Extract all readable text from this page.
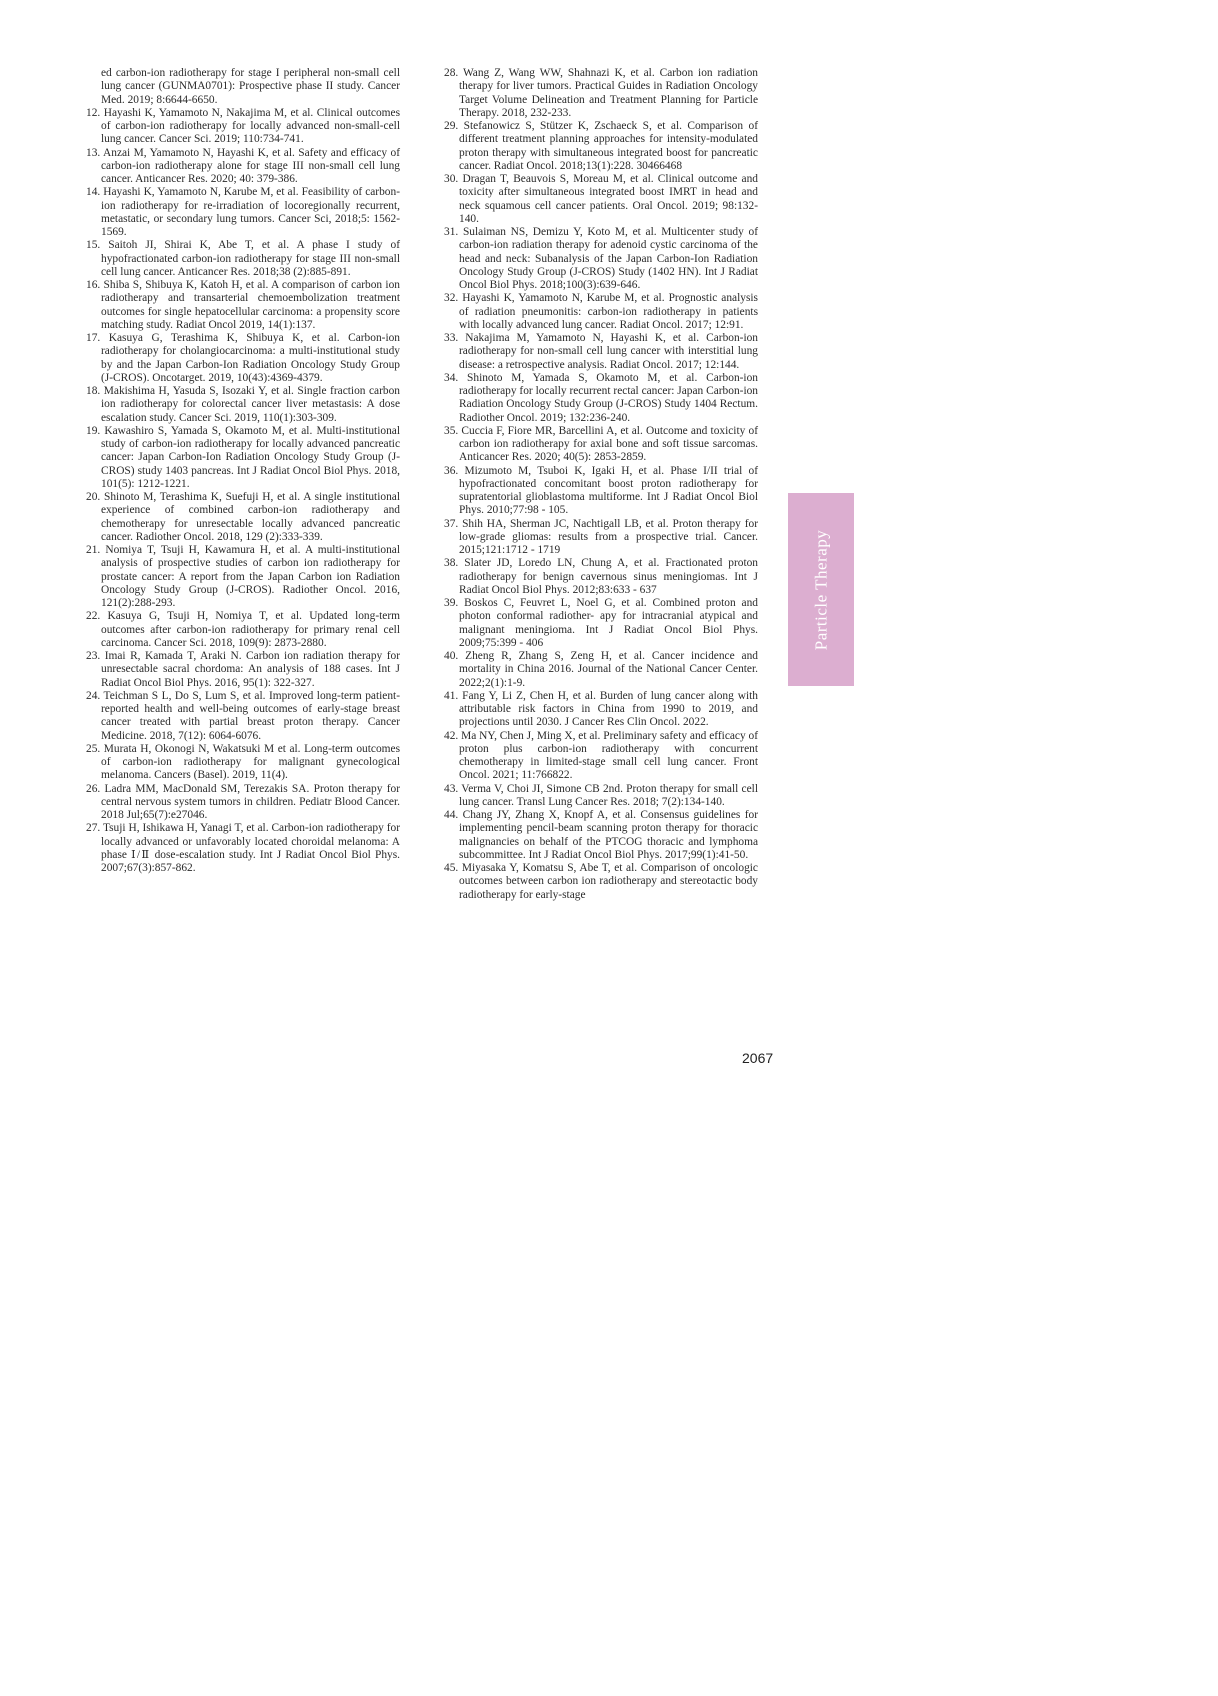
ed carbon-ion radiotherapy for stage I peripheral non-small cell lung cancer (GUNMA0701): Prospective phase II study. Cancer Med. 2019; 8:6644-6650.

12. Hayashi K, Yamamoto N, Nakajima M, et al. Clinical outcomes of carbon-ion radiotherapy for locally advanced non-small-cell lung cancer. Cancer Sci. 2019; 110:734-741.

13. Anzai M, Yamamoto N, Hayashi K, et al. Safety and efficacy of carbon-ion radiotherapy alone for stage III non-small cell lung cancer. Anticancer Res. 2020; 40: 379-386.

14. Hayashi K, Yamamoto N, Karube M, et al. Feasibility of carbon-ion radiotherapy for re-irradiation of locoregionally recurrent, metastatic, or secondary lung tumors. Cancer Sci, 2018;5: 1562-1569.

15. Saitoh JI, Shirai K, Abe T, et al. A phase I study of hypofractionated carbon-ion radiotherapy for stage III non-small cell lung cancer. Anticancer Res. 2018;38 (2):885-891.

16. Shiba S, Shibuya K, Katoh H, et al. A comparison of carbon ion radiotherapy and transarterial chemoembolization treatment outcomes for single hepatocellular carcinoma: a propensity score matching study. Radiat Oncol 2019, 14(1):137.

17. Kasuya G, Terashima K, Shibuya K, et al. Carbon-ion radiotherapy for cholangiocarcinoma: a multi-institutional study by and the Japan Carbon-Ion Radiation Oncology Study Group (J-CROS). Oncotarget. 2019, 10(43):4369-4379.

18. Makishima H, Yasuda S, Isozaki Y, et al. Single fraction carbon ion radiotherapy for colorectal cancer liver metastasis: A dose escalation study. Cancer Sci. 2019, 110(1):303-309.

19. Kawashiro S, Yamada S, Okamoto M, et al. Multi-institutional study of carbon-ion radiotherapy for locally advanced pancreatic cancer: Japan Carbon-Ion Radiation Oncology Study Group (J-CROS) study 1403 pancreas. Int J Radiat Oncol Biol Phys. 2018, 101(5): 1212-1221.

20. Shinoto M, Terashima K, Suefuji H, et al. A single institutional experience of combined carbon-ion radiotherapy and chemotherapy for unresectable locally advanced pancreatic cancer. Radiother Oncol. 2018, 129 (2):333-339.

21. Nomiya T, Tsuji H, Kawamura H, et al. A multi-institutional analysis of prospective studies of carbon ion radiotherapy for prostate cancer: A report from the Japan Carbon ion Radiation Oncology Study Group (J-CROS). Radiother Oncol. 2016, 121(2):288-293.

22. Kasuya G, Tsuji H, Nomiya T, et al. Updated long-term outcomes after carbon-ion radiotherapy for primary renal cell carcinoma. Cancer Sci. 2018, 109(9): 2873-2880.

23. Imai R, Kamada T, Araki N. Carbon ion radiation therapy for unresectable sacral chordoma: An analysis of 188 cases. Int J Radiat Oncol Biol Phys. 2016, 95(1): 322-327.

24. Teichman S L, Do S, Lum S, et al. Improved long-term patient-reported health and well-being outcomes of early-stage breast cancer treated with partial breast proton therapy. Cancer Medicine. 2018, 7(12): 6064-6076.

25. Murata H, Okonogi N, Wakatsuki M et al. Long-term outcomes of carbon-ion radiotherapy for malignant gynecological melanoma. Cancers (Basel). 2019, 11(4).

26. Ladra MM, MacDonald SM, Terezakis SA. Proton therapy for central nervous system tumors in children. Pediatr Blood Cancer. 2018 Jul;65(7):e27046.

27. Tsuji H, Ishikawa H, Yanagi T, et al. Carbon-ion radiotherapy for locally advanced or unfavorably located choroidal melanoma: A phase Ⅰ/Ⅱ dose-escalation study. Int J Radiat Oncol Biol Phys. 2007;67(3):857-862.

28. Wang Z, Wang WW, Shahnazi K, et al. Carbon ion radiation therapy for liver tumors. Practical Guides in Radiation Oncology Target Volume Delineation and Treatment Planning for Particle Therapy. 2018, 232-233.

29. Stefanowicz S, Stützer K, Zschaeck S, et al. Comparison of different treatment planning approaches for intensity-modulated proton therapy with simultaneous integrated boost for pancreatic cancer. Radiat Oncol. 2018;13(1):228. 30466468

30. Dragan T, Beauvois S, Moreau M, et al. Clinical outcome and toxicity after simultaneous integrated boost IMRT in head and neck squamous cell cancer patients. Oral Oncol. 2019; 98:132-140.

31. Sulaiman NS, Demizu Y, Koto M, et al. Multicenter study of carbon-ion radiation therapy for adenoid cystic carcinoma of the head and neck: Subanalysis of the Japan Carbon-Ion Radiation Oncology Study Group (J-CROS) Study (1402 HN). Int J Radiat Oncol Biol Phys. 2018;100(3):639-646.

32. Hayashi K, Yamamoto N, Karube M, et al. Prognostic analysis of radiation pneumonitis: carbon-ion radiotherapy in patients with locally advanced lung cancer. Radiat Oncol. 2017; 12:91.

33. Nakajima M, Yamamoto N, Hayashi K, et al. Carbon-ion radiotherapy for non-small cell lung cancer with interstitial lung disease: a retrospective analysis. Radiat Oncol. 2017; 12:144.

34. Shinoto M, Yamada S, Okamoto M, et al. Carbon-ion radiotherapy for locally recurrent rectal cancer: Japan Carbon-ion Radiation Oncology Study Group (J-CROS) Study 1404 Rectum. Radiother Oncol. 2019; 132:236-240.

35. Cuccia F, Fiore MR, Barcellini A, et al. Outcome and toxicity of carbon ion radiotherapy for axial bone and soft tissue sarcomas. Anticancer Res. 2020; 40(5): 2853-2859.

36. Mizumoto M, Tsuboi K, Igaki H, et al. Phase I/II trial of hypofractionated concomitant boost proton radiotherapy for supratentorial glioblastoma multiforme. Int J Radiat Oncol Biol Phys. 2010;77:98 - 105.

37. Shih HA, Sherman JC, Nachtigall LB, et al. Proton therapy for low-grade gliomas: results from a prospective trial. Cancer. 2015;121:1712 - 1719

38. Slater JD, Loredo LN, Chung A, et al. Fractionated proton radiotherapy for benign cavernous sinus meningiomas. Int J Radiat Oncol Biol Phys. 2012;83:633 - 637

39. Boskos C, Feuvret L, Noel G, et al. Combined proton and photon conformal radiother- apy for intracranial atypical and malignant meningioma. Int J Radiat Oncol Biol Phys. 2009;75:399 - 406

40. Zheng R, Zhang S, Zeng H, et al. Cancer incidence and mortality in China 2016. Journal of the National Cancer Center. 2022;2(1):1-9.

41. Fang Y, Li Z, Chen H, et al. Burden of lung cancer along with attributable risk factors in China from 1990 to 2019, and projections until 2030. J Cancer Res Clin Oncol. 2022.

42. Ma NY, Chen J, Ming X, et al. Preliminary safety and efficacy of proton plus carbon-ion radiotherapy with concurrent chemotherapy in limited-stage small cell lung cancer. Front Oncol. 2021; 11:766822.

43. Verma V, Choi JI, Simone CB 2nd. Proton therapy for small cell lung cancer. Transl Lung Cancer Res. 2018; 7(2):134-140.

44. Chang JY, Zhang X, Knopf A, et al. Consensus guidelines for implementing pencil-beam scanning proton therapy for thoracic malignancies on behalf of the PTCOG thoracic and lymphoma subcommittee. Int J Radiat Oncol Biol Phys. 2017;99(1):41-50.

45. Miyasaka Y, Komatsu S, Abe T, et al. Comparison of oncologic outcomes between carbon ion radiotherapy and stereotactic body radiotherapy for early-stage

Particle Therapy
2067
